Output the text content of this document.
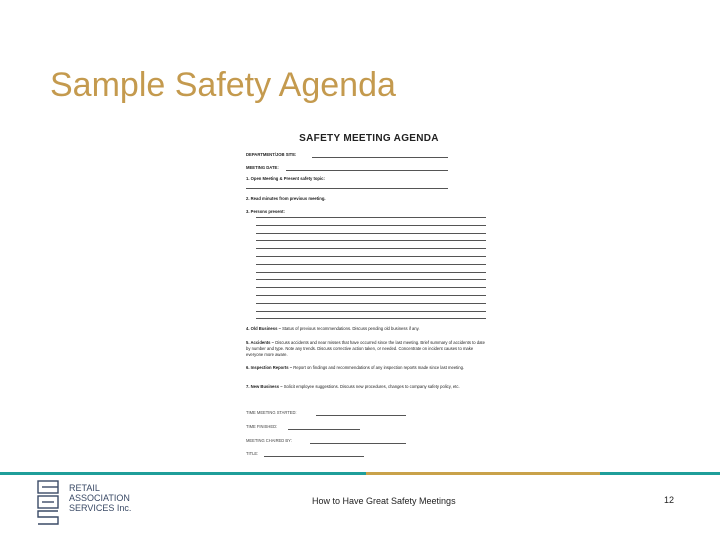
Sample Safety Agenda
SAFETY MEETING AGENDA
DEPARTMENT/JOB SITE:
MEETING DATE:
1. Open Meeting & Present safety topic:
2. Read minutes from previous meeting.
3. Persons present:
4. Old Business – Status of previous recommendations. Discuss pending old business if any.
5. Accidents – Discuss accidents and near misses that have occurred since the last meeting. Brief summary of accidents to date by number and type. Note any trends. Discuss corrective action taken, or needed. Concentrate on incident causes to make everyone more aware.
6. Inspection Reports – Report on findings and recommendations of any inspection reports made since last meeting.
7. New Business – Solicit employee suggestions. Discuss new procedures, changes to company safety policy, etc.
TIME MEETING STARTED:
TIME FINISHED:
MEETING CHAIRED BY:
TITLE:
RETAIL
ASSOCIATION
SERVICES Inc.
How to Have Great Safety Meetings	12
